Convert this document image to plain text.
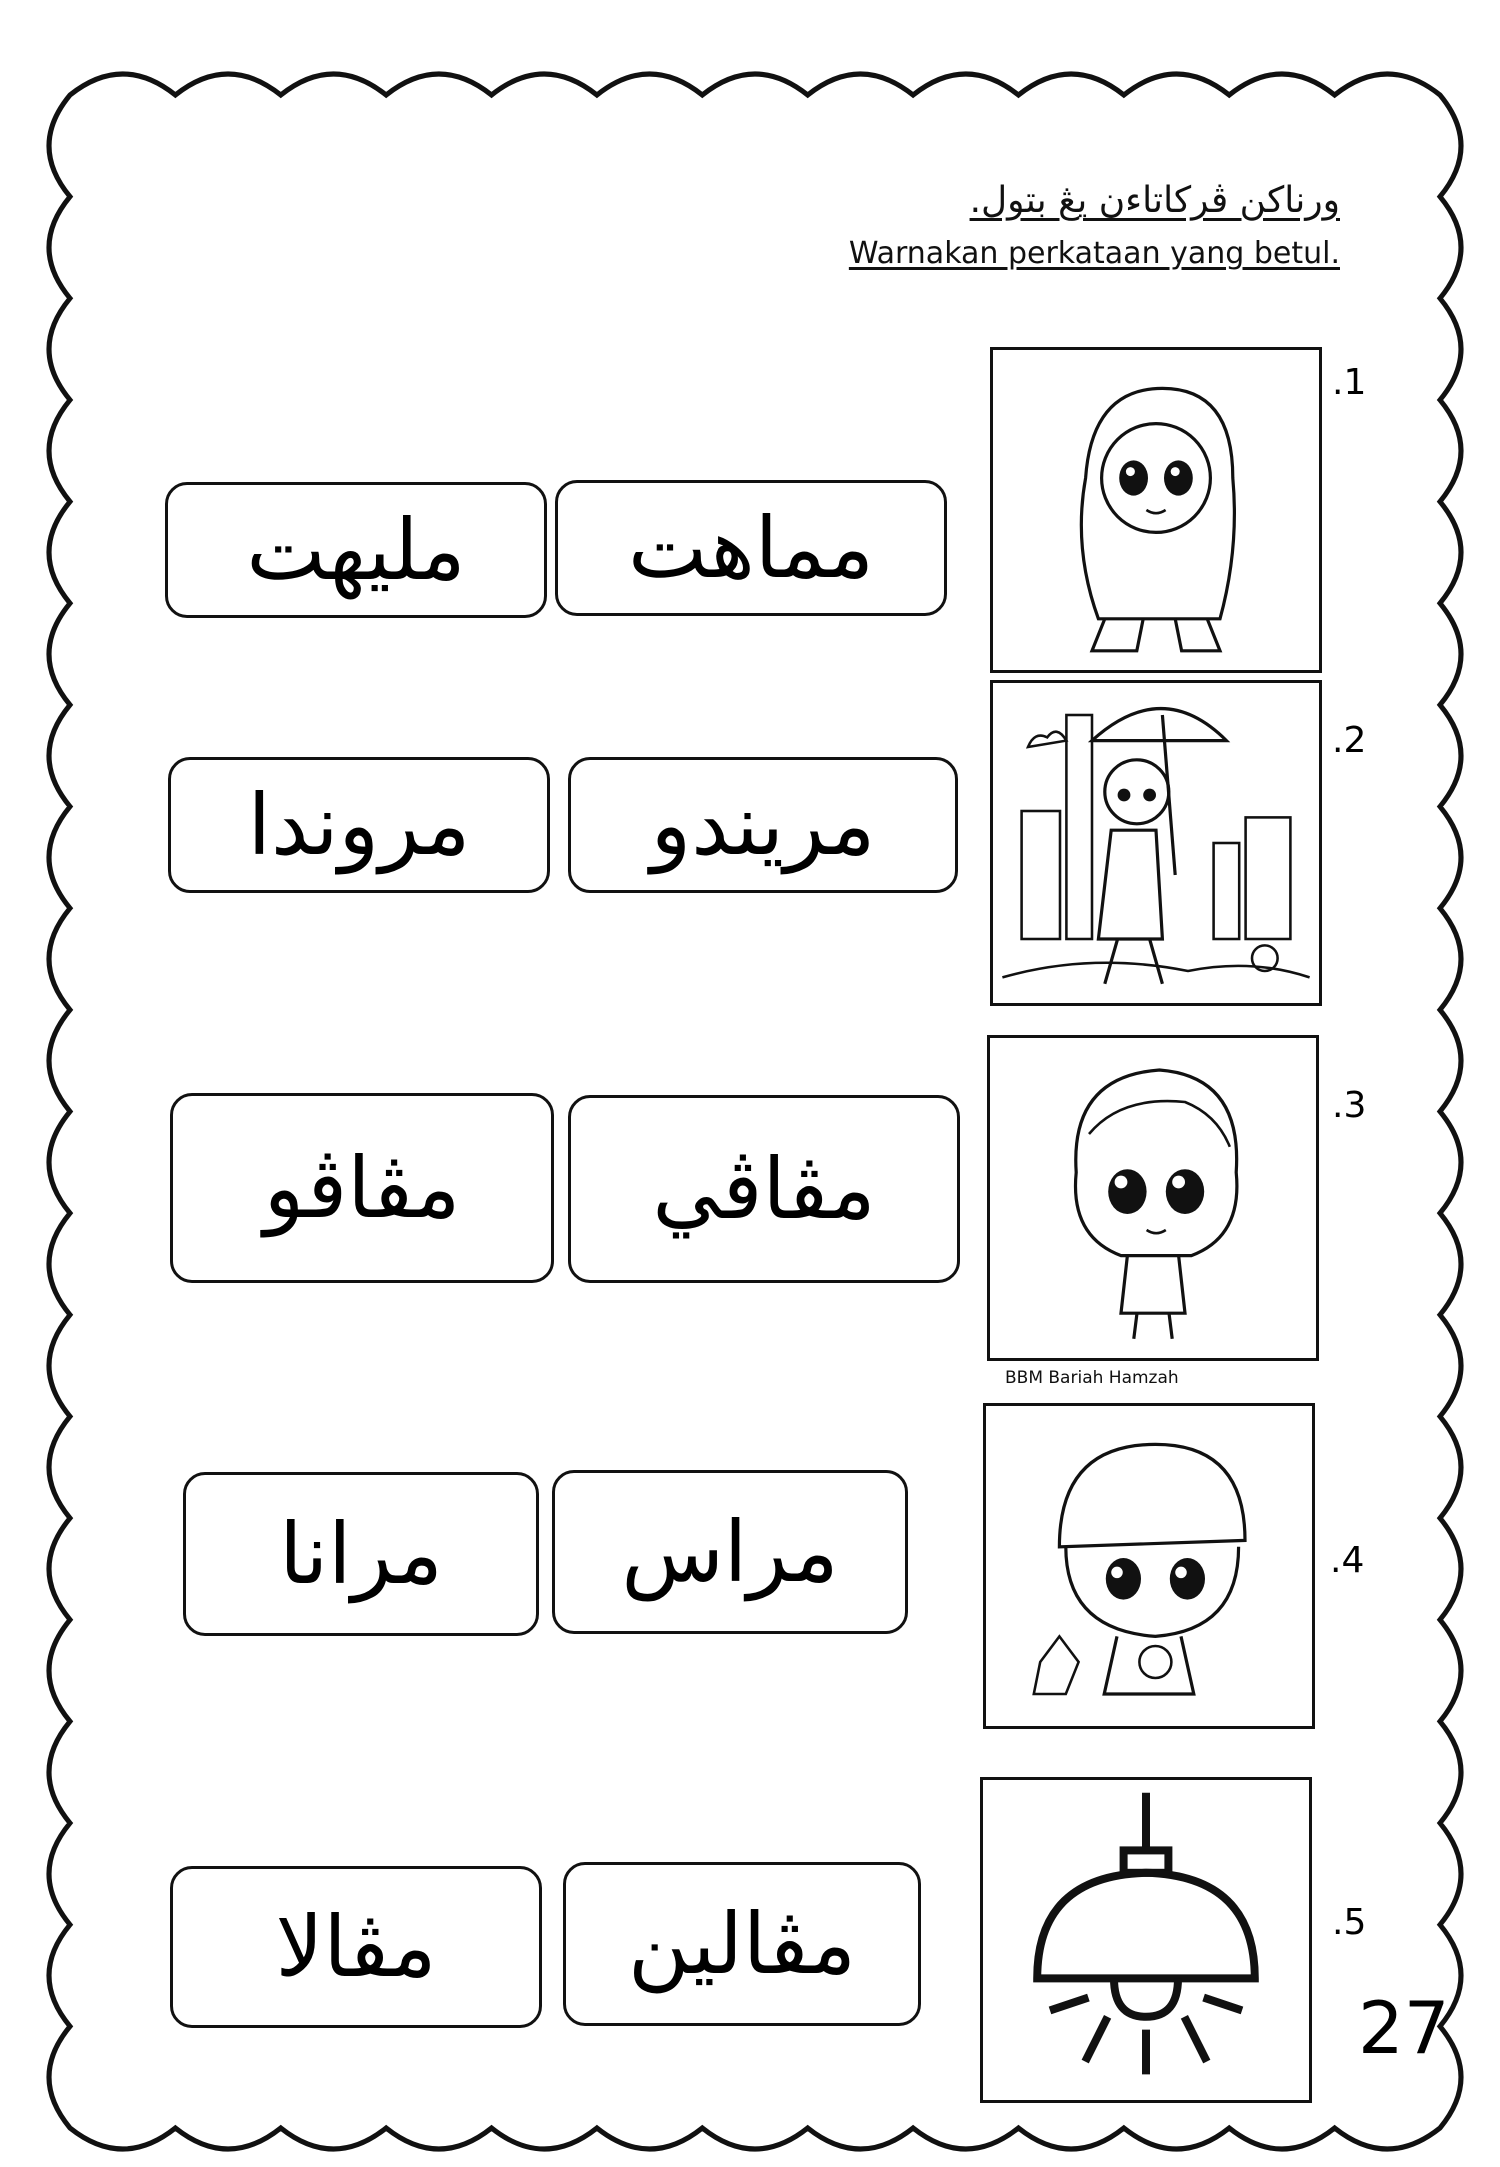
ورناکن ڤرکاتاءن يڠ بتول.
Warnakan perkataan yang betul.
مماهت
مليهت
.1
مريندو
مروندا
.2
مڤاڤي
مڤاڤو
.3
BBM Bariah Hamzah
مراس
مرانا	.4
مڤالين
مڤالا	.5
27
